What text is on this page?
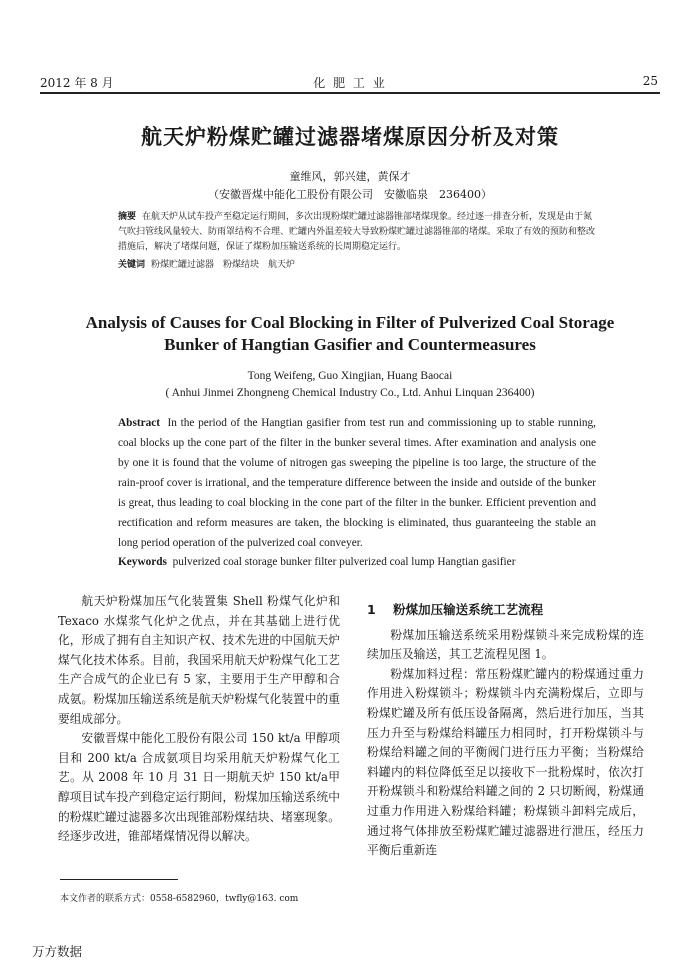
2012 年 8 月	化 肥 工 业	25
航天炉粉煤贮罐过滤器堵煤原因分析及对策
童维风，郭兴建，黄保才
（安徽晋煤中能化工股份有限公司　安徽临泉　236400）
摘要 在航天炉从试车投产至稳定运行期间，多次出现粉煤贮罐过滤器锥部堵煤现象。经过逐一排查分析，发现是由于氮气吹扫管线风量较大、防雨罩结构不合理、贮罐内外温差较大导致粉煤贮罐过滤器锥部的堵煤。采取了有效的预防和整改措施后，解决了堵煤问题，保证了煤粉加压输送系统的长周期稳定运行。
关键词 粉煤贮罐过滤器　粉煤结块　航天炉
Analysis of Causes for Coal Blocking in Filter of Pulverized Coal Storage
Bunker of Hangtian Gasifier and Countermeasures
Tong Weifeng, Guo Xingjian, Huang Baocai
( Anhui Jinmei Zhongneng Chemical Industry Co., Ltd. Anhui Linquan 236400)
Abstract In the period of the Hangtian gasifier from test run and commissioning up to stable running, coal blocks up the cone part of the filter in the bunker several times. After examination and analysis one by one it is found that the volume of nitrogen gas sweeping the pipeline is too large, the structure of the rain-proof cover is irrational, and the temperature difference between the inside and outside of the bunker is great, thus leading to coal blocking in the cone part of the filter in the bunker. Efficient prevention and rectification and reform measures are taken, the blocking is eliminated, thus guaranteeing the stable an long period operation of the pulverized coal conveyer.
Keywords pulverized coal storage bunker filter pulverized coal lump Hangtian gasifier

航天炉粉煤加压气化装置集 Shell 粉煤气化炉和 Texaco 水煤浆气化炉之优点，并在其基础上进行优化，形成了拥有自主知识产权、技术先进的中国航天炉煤气化技术体系。目前，我国采用航天炉粉煤气化工艺生产合成气的企业已有 5 家，主要用于生产甲醇和合成氨。粉煤加压输送系统是航天炉粉煤气化装置中的重要组成部分。

安徽晋煤中能化工股份有限公司 150 kt/a 甲醇项目和 200 kt/a 合成氨项目均采用航天炉粉煤气化工艺。从 2008 年 10 月 31 日一期航天炉 150 kt/a甲醇项目试车投产到稳定运行期间，粉煤加压输送系统中的粉煤贮罐过滤器多次出现锥部粉煤结块、堵塞现象。经逐步改进，锥部堵煤情况得以解决。

1 粉煤加压输送系统工艺流程

粉煤加压输送系统采用粉煤锁斗来完成粉煤的连续加压及输送，其工艺流程见图 1。

粉煤加料过程：常压粉煤贮罐内的粉煤通过重力作用进入粉煤锁斗；粉煤锁斗内充满粉煤后，立即与粉煤贮罐及所有低压设备隔离，然后进行加压，当其压力升至与粉煤给料罐压力相同时，打开粉煤锁斗与粉煤给料罐之间的平衡阀门进行压力平衡；当粉煤给料罐内的料位降低至足以接收下一批粉煤时，依次打开粉煤锁斗和粉煤给料罐之间的 2 只切断阀，粉煤通过重力作用进入粉煤给料罐；粉煤锁斗卸料完成后，通过将气体排放至粉煤贮罐过滤器进行泄压，经压力平衡后重新连

本文作者的联系方式：0558-6582960，twfly@163. com
万方数据
